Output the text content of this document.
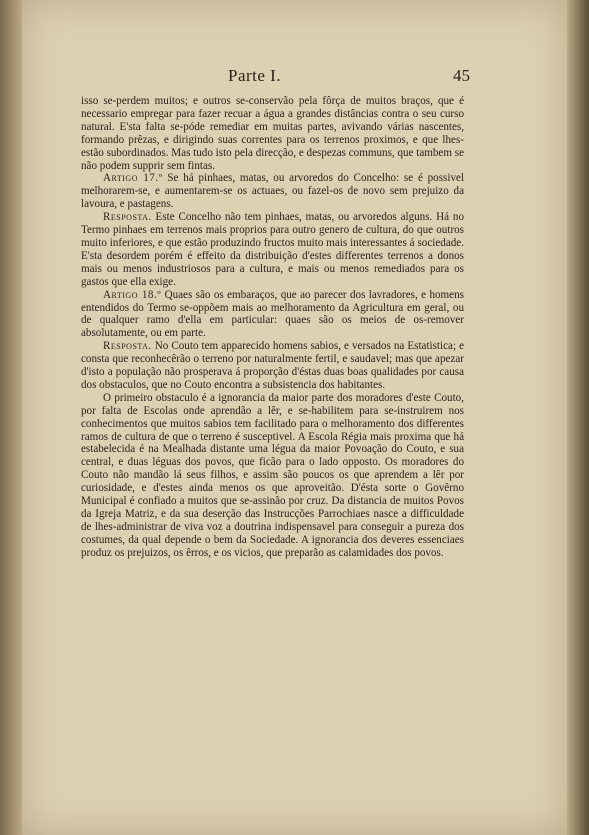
Parte I.	45

isso se-perdem muitos; e outros se-conservão pela fôrça de muitos braços, que é necessario empregar para fazer recuar a água a grandes distâncias contra o seu curso natural. E'sta falta se-póde remediar em muitas partes, avivando várias nascentes, formando prêzas, e dirigindo suas correntes para os terrenos proximos, e que lhes-estão subordinados. Mas tudo isto pela direcção, e despezas communs, que tambem se não podem supprir sem fintas.

Artigo 17.º Se há pinhaes, matas, ou arvoredos do Concelho: se é possivel melhorarem-se, e aumentarem-se os actuaes, ou fazel-os de novo sem prejuizo da lavoura, e pastagens.

Resposta. Este Concelho não tem pinhaes, matas, ou arvoredos alguns. Há no Termo pinhaes em terrenos mais proprios para outro genero de cultura, do que outros muito inferiores, e que estão produzindo fructos muito mais interessantes á sociedade. E'sta desordem porém é effeito da distribuição d'estes differentes terrenos a donos mais ou menos industriosos para a cultura, e mais ou menos remediados para os gastos que ella exige.

Artigo 18.º Quaes são os embaraços, que ao parecer dos lavradores, e homens entendidos do Termo se-oppõem mais ao melhoramento da Agricultura em geral, ou de qualquer ramo d'ella em particular: quaes são os meios de os-remover absolutamente, ou em parte.

Resposta. No Couto tem apparecido homens sabios, e versados na Estatistica; e consta que reconhecêrão o terreno por naturalmente fertil, e saudavel; mas que apezar d'isto a população não prosperava á proporção d'éstas duas boas qualidades por causa dos obstaculos, que no Couto encontra a subsistencia dos habitantes.

O primeiro obstaculo é a ignorancia da maior parte dos moradores d'este Couto, por falta de Escolas onde aprendão a lêr, e se-habilitem para se-instruirem nos conhecimentos que muitos sabios tem facilitado para o melhoramento dos differentes ramos de cultura de que o terreno é susceptivel. A Escola Régia mais proxima que há estabelecida é na Mealhada distante uma légua da maior Povoação do Couto, e sua central, e duas léguas dos povos, que ficão para o lado opposto. Os moradores do Couto não mandão lá seus filhos, e assim são poucos os que aprendem a lêr por curiosidade, e d'estes ainda menos os que aproveitão. D'ésta sorte o Govêrno Municipal é confiado a muitos que se-assinão por cruz. Da distancia de muitos Povos da Igreja Matriz, e da sua deserção das Instrucções Parrochiaes nasce a difficuldade de lhes-administrar de viva voz a doutrina indispensavel para conseguir a pureza dos costumes, da qual depende o bem da Sociedade. A ignorancia dos deveres essenciaes produz os prejuizos, os êrros, e os vicios, que preparão as calamidades dos povos.
